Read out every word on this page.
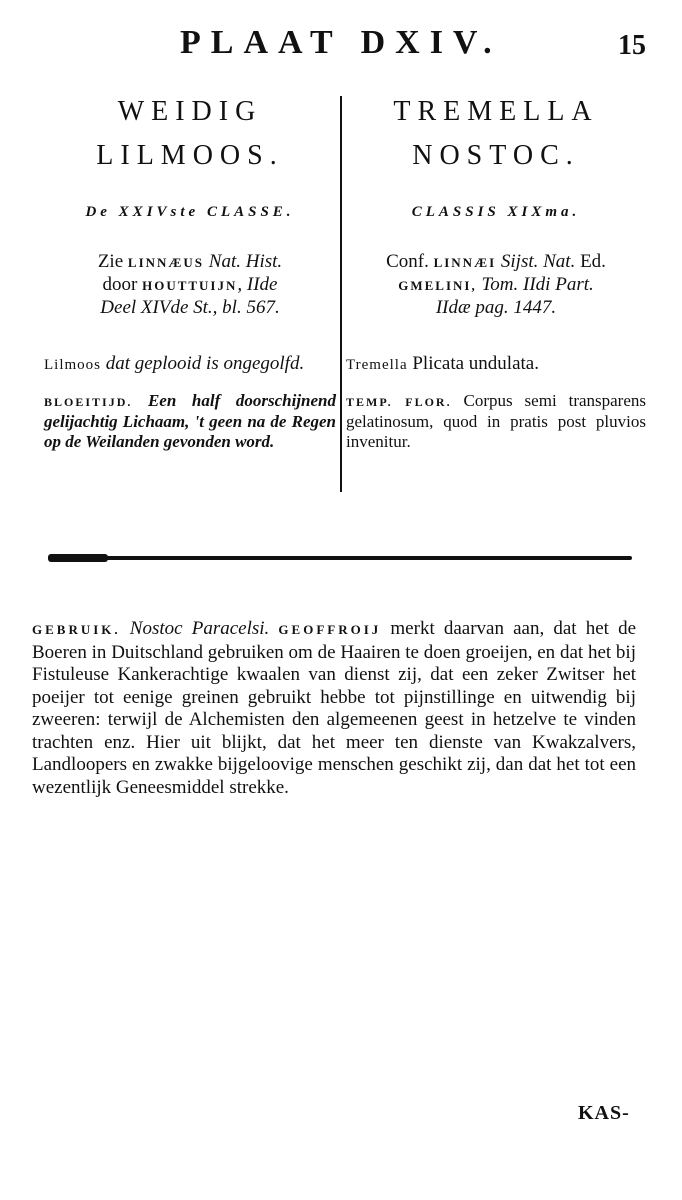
PLAAT DXIV.	15
WEIDIG
LILMOOS.
De XXIVste CLASSE.
Zie LINNÆUS Nat. Hist.
door HOUTTUIJN, IIde
Deel XIVde St., bl. 567.
Lilmoos dat geplooid is ongegolfd.
BLOEITIJD. Een half doorschijnend gelijachtig Lichaam, 't geen na de Regen op de Weilanden gevonden word.
TREMELLA
NOSTOC.
CLASSIS XIXma.
Conf. LINNÆI Sijst. Nat. Ed.
GMELINI, Tom. IIdi Part.
IIdæ pag. 1447.
Tremella Plicata undulata.
TEMP. FLOR. Corpus semi transparens gelatinosum, quod in pratis post pluvios invenitur.
GEBRUIK. Nostoc Paracelsi. GEOFFROIJ merkt daarvan aan, dat het de Boeren in Duitschland gebruiken om de Haairen te doen groeijen, en dat het bij Fistuleuse Kankerachtige kwaalen van dienst zij, dat een zeker Zwitser het poeijer tot eenige greinen gebruikt hebbe tot pijnstillinge en uitwendig bij zweeren: terwijl de Alchemisten den algemeenen geest in hetzelve te vinden trachten enz. Hier uit blijkt, dat het meer ten dienste van Kwakzalvers, Landloopers en zwakke bijgeloovige menschen geschikt zij, dan dat het tot een wezentlijk Geneesmiddel strekke.
KAS-
